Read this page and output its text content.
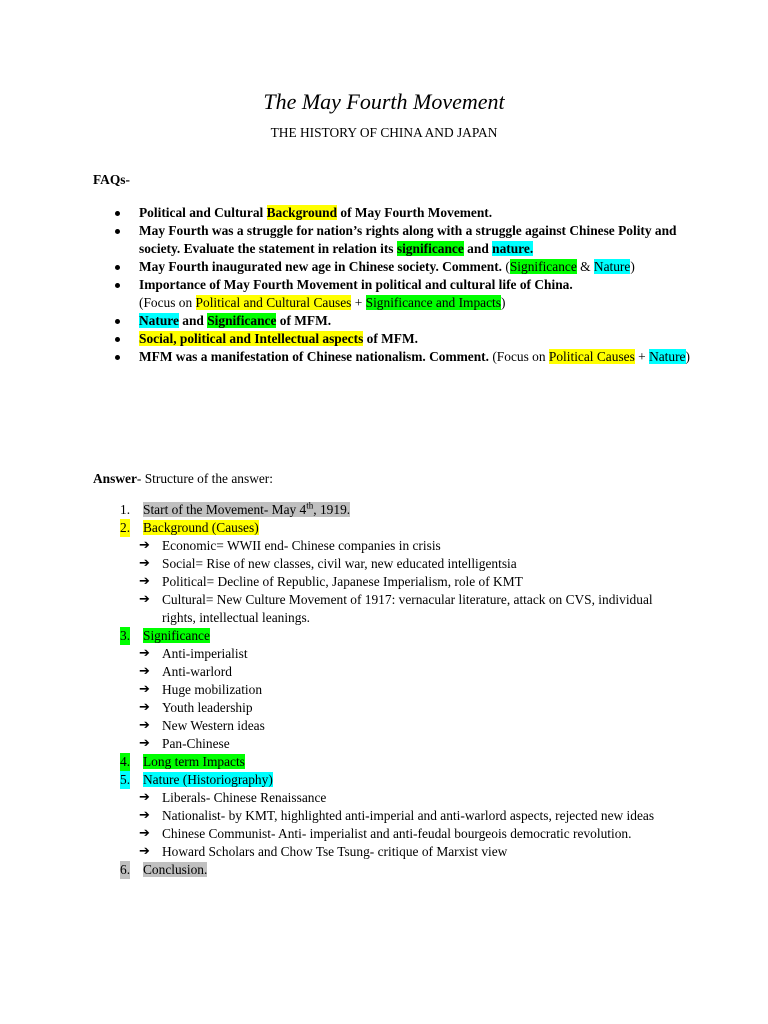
The May Fourth Movement
THE HISTORY OF CHINA AND JAPAN
FAQs-
Political and Cultural Background of May Fourth Movement.
May Fourth was a struggle for nation’s rights along with a struggle against Chinese Polity and society. Evaluate the statement in relation its significance and nature.
May Fourth inaugurated new age in Chinese society. Comment. (Significance & Nature)
Importance of May Fourth Movement in political and cultural life of China.
(Focus on Political and Cultural Causes + Significance and Impacts)
Nature and Significance of MFM.
Social, political and Intellectual aspects of MFM.
MFM was a manifestation of Chinese nationalism. Comment. (Focus on Political Causes + Nature)
Answer- Structure of the answer:
1. Start of the Movement- May 4th, 1919.
2. Background (Causes)
➔ Economic= WWII end- Chinese companies in crisis
➔ Social= Rise of new classes, civil war, new educated intelligentsia
➔ Political= Decline of Republic, Japanese Imperialism, role of KMT
➔ Cultural= New Culture Movement of 1917: vernacular literature, attack on CVS, individual rights, intellectual leanings.
3. Significance
➔ Anti-imperialist
➔ Anti-warlord
➔ Huge mobilization
➔ Youth leadership
➔ New Western ideas
➔ Pan-Chinese
4. Long term Impacts
5. Nature (Historiography)
➔ Liberals- Chinese Renaissance
➔ Nationalist- by KMT, highlighted anti-imperial and anti-warlord aspects, rejected new ideas
➔ Chinese Communist- Anti- imperialist and anti-feudal bourgeois democratic revolution.
➔ Howard Scholars and Chow Tse Tsung- critique of Marxist view
6. Conclusion.
